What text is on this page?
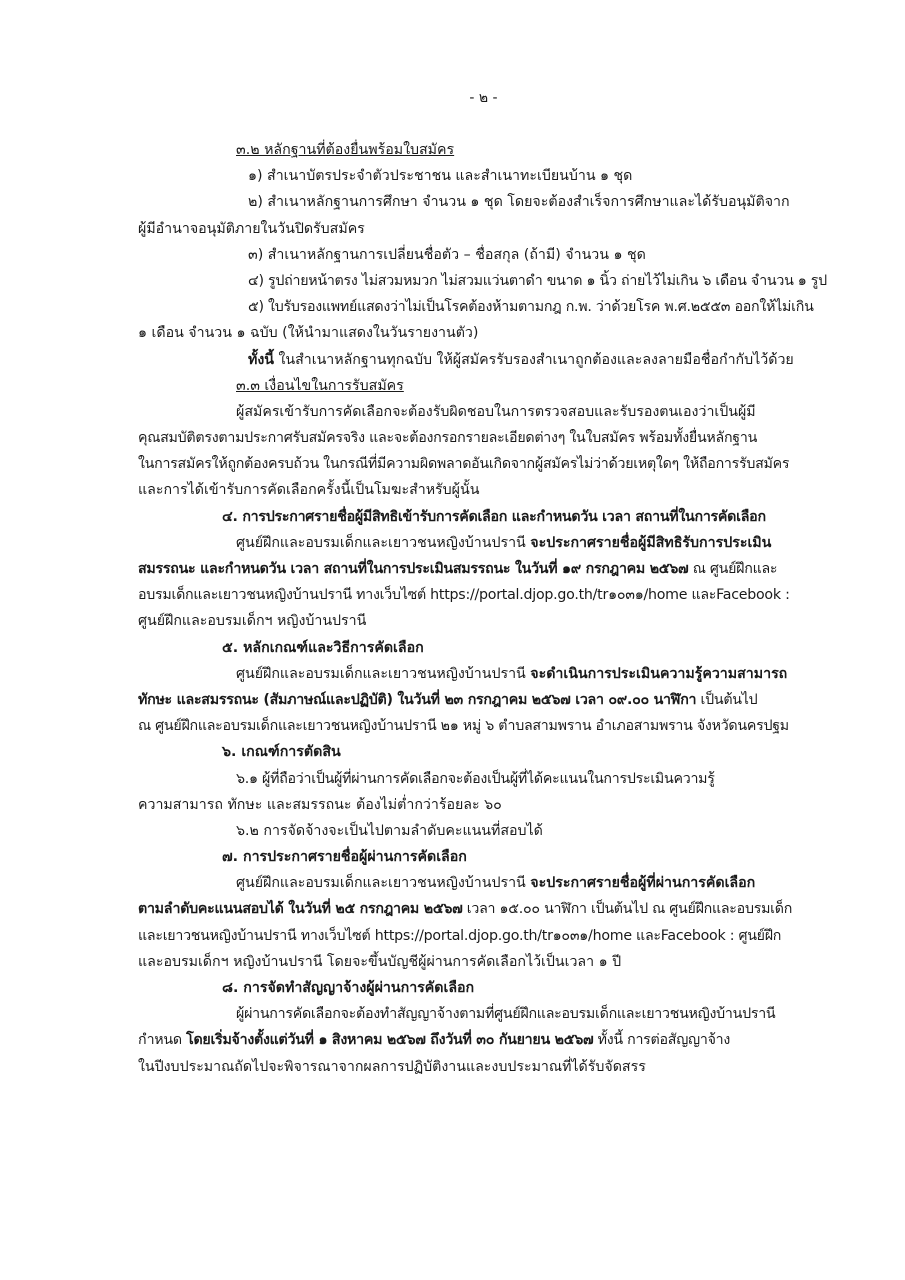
- ๒ -

๓.๒ หลักฐานที่ต้องยื่นพร้อมใบสมัคร

๑) สำเนาบัตรประจำตัวประชาชน และสำเนาทะเบียนบ้าน ๑ ชุด

๒) สำเนาหลักฐานการศึกษา จำนวน ๑ ชุด โดยจะต้องสำเร็จการศึกษาและได้รับอนุมัติจาก

ผู้มีอำนาจอนุมัติภายในวันปิดรับสมัคร

๓) สำเนาหลักฐานการเปลี่ยนชื่อตัว – ชื่อสกุล (ถ้ามี) จำนวน ๑ ชุด

๔) รูปถ่ายหน้าตรง ไม่สวมหมวก ไม่สวมแว่นตาดำ ขนาด ๑ นิ้ว ถ่ายไว้ไม่เกิน ๖ เดือน จำนวน ๑ รูป

๕) ใบรับรองแพทย์แสดงว่าไม่เป็นโรคต้องห้ามตามกฎ ก.พ. ว่าด้วยโรค พ.ศ.๒๕๕๓ ออกให้ไม่เกิน

๑ เดือน จำนวน ๑ ฉบับ (ให้นำมาแสดงในวันรายงานตัว)

ทั้งนี้ ในสำเนาหลักฐานทุกฉบับ ให้ผู้สมัครรับรองสำเนาถูกต้องและลงลายมือชื่อกำกับไว้ด้วย

๓.๓ เงื่อนไขในการรับสมัคร

ผู้สมัครเข้ารับการคัดเลือกจะต้องรับผิดชอบในการตรวจสอบและรับรองตนเองว่าเป็นผู้มี

คุณสมบัติตรงตามประกาศรับสมัครจริง และจะต้องกรอกรายละเอียดต่างๆ ในใบสมัคร พร้อมทั้งยื่นหลักฐาน

ในการสมัครให้ถูกต้องครบถ้วน ในกรณีที่มีความผิดพลาดอันเกิดจากผู้สมัครไม่ว่าด้วยเหตุใดๆ ให้ถือการรับสมัคร

และการได้เข้ารับการคัดเลือกครั้งนี้เป็นโมฆะสำหรับผู้นั้น

๔. การประกาศรายชื่อผู้มีสิทธิเข้ารับการคัดเลือก และกำหนดวัน เวลา สถานที่ในการคัดเลือก

ศูนย์ฝึกและอบรมเด็กและเยาวชนหญิงบ้านปรานี จะประกาศรายชื่อผู้มีสิทธิรับการประเมิน

สมรรถนะ และกำหนดวัน เวลา สถานที่ในการประเมินสมรรถนะ ในวันที่ ๑๙ กรกฎาคม ๒๕๖๗ ณ ศูนย์ฝึกและ

อบรมเด็กและเยาวชนหญิงบ้านปรานี ทางเว็บไซต์ https://portal.djop.go.th/tr๑๐๓๑/home และFacebook :

ศูนย์ฝึกและอบรมเด็กฯ หญิงบ้านปรานี

๕. หลักเกณฑ์และวิธีการคัดเลือก

ศูนย์ฝึกและอบรมเด็กและเยาวชนหญิงบ้านปรานี จะดำเนินการประเมินความรู้ความสามารถ

ทักษะ และสมรรถนะ (สัมภาษณ์และปฏิบัติ) ในวันที่ ๒๓ กรกฎาคม ๒๕๖๗ เวลา ๐๙.๐๐ นาฬิกา เป็นต้นไป

ณ ศูนย์ฝึกและอบรมเด็กและเยาวชนหญิงบ้านปรานี ๒๑ หมู่ ๖ ตำบลสามพราน อำเภอสามพราน จังหวัดนครปฐม

๖. เกณฑ์การตัดสิน

๖.๑ ผู้ที่ถือว่าเป็นผู้ที่ผ่านการคัดเลือกจะต้องเป็นผู้ที่ได้คะแนนในการประเมินความรู้

ความสามารถ ทักษะ และสมรรถนะ ต้องไม่ต่ำกว่าร้อยละ ๖๐

๖.๒ การจัดจ้างจะเป็นไปตามลำดับคะแนนที่สอบได้

๗. การประกาศรายชื่อผู้ผ่านการคัดเลือก

ศูนย์ฝึกและอบรมเด็กและเยาวชนหญิงบ้านปรานี จะประกาศรายชื่อผู้ที่ผ่านการคัดเลือก

ตามลำดับคะแนนสอบได้ ในวันที่ ๒๕ กรกฎาคม ๒๕๖๗ เวลา ๑๕.๐๐ นาฬิกา เป็นต้นไป ณ ศูนย์ฝึกและอบรมเด็ก

และเยาวชนหญิงบ้านปรานี ทางเว็บไซต์ https://portal.djop.go.th/tr๑๐๓๑/home และFacebook : ศูนย์ฝึก

และอบรมเด็กฯ หญิงบ้านปรานี โดยจะขึ้นบัญชีผู้ผ่านการคัดเลือกไว้เป็นเวลา ๑ ปี

๘. การจัดทำสัญญาจ้างผู้ผ่านการคัดเลือก

ผู้ผ่านการคัดเลือกจะต้องทำสัญญาจ้างตามที่ศูนย์ฝึกและอบรมเด็กและเยาวชนหญิงบ้านปรานี

กำหนด โดยเริ่มจ้างตั้งแต่วันที่ ๑ สิงหาคม ๒๕๖๗ ถึงวันที่ ๓๐ กันยายน ๒๕๖๗ ทั้งนี้ การต่อสัญญาจ้าง

ในปีงบประมาณถัดไปจะพิจารณาจากผลการปฏิบัติงานและงบประมาณที่ได้รับจัดสรร
